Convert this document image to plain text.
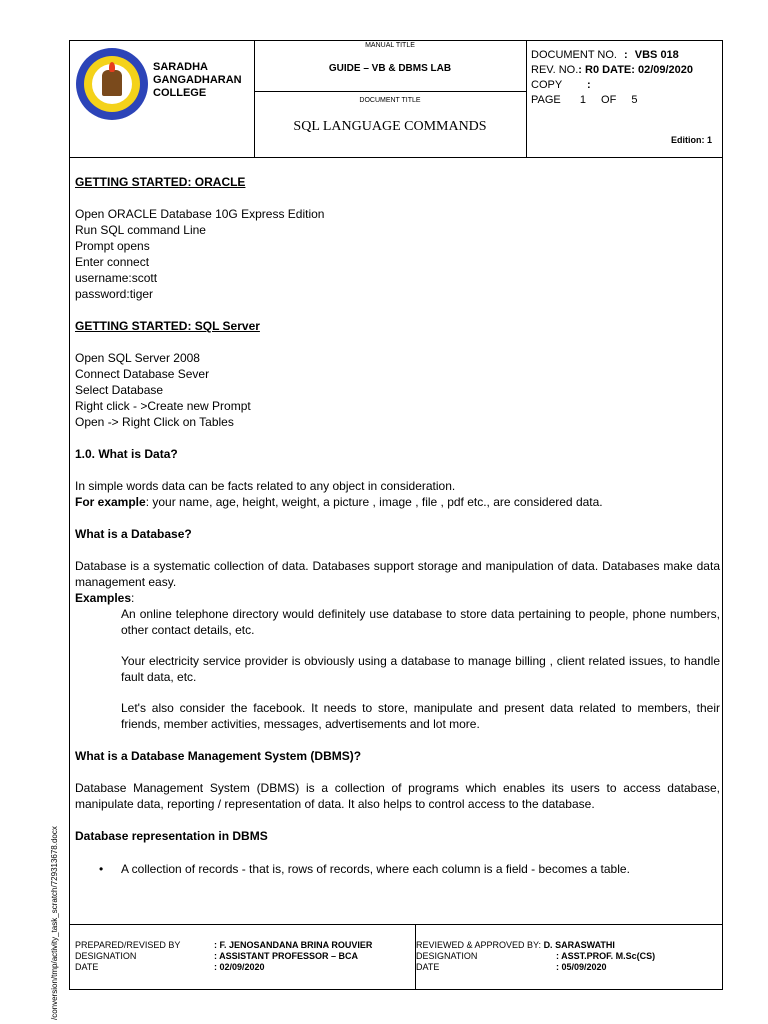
SARADHA
GANGADHARAN
COLLEGE
MANUAL TITLE
GUIDE – VB & DBMS LAB
DOCUMENT TITLE
SQL LANGUAGE COMMANDS
DOCUMENT NO. : VBS 018
REV. NO.: R0 DATE: 02/09/2020
COPY :
PAGE 1 OF 5
Edition: 1

GETTING STARTED: ORACLE

Open ORACLE Database 10G Express Edition

Run SQL command Line

Prompt opens

Enter connect

username:scott

password:tiger

GETTING STARTED: SQL Server

Open SQL Server 2008

Connect Database Sever

Select Database

Right click - >Create new Prompt

Open -> Right Click on Tables

1.0. What is Data?

In simple words data can be facts related to any object in consideration.

For example: your name, age, height, weight, a picture , image , file , pdf etc., are considered data.

What is a Database?

Database is a systematic collection of data. Databases support storage and manipulation of data. Databases make data management easy.

Examples:

An online telephone directory would definitely use database to store data pertaining to people, phone numbers, other contact details, etc.

Your electricity service provider is obviously using a database to manage billing , client related issues, to handle fault data, etc.

Let's also consider the facebook. It needs to store, manipulate and present data related to members, their friends, member activities, messages, advertisements and lot more.

What is a Database Management System (DBMS)?

Database Management System (DBMS) is a collection of programs which enables its users to access database, manipulate data, reporting / representation of data. It also helps to control access to the database.

Database representation in DBMS

• A collection of records - that is, rows of records, where each column is a field - becomes a table.

PREPARED/REVISED BY
DESIGNATION
DATE
: F. JENOSANDANA BRINA ROUVIER
: ASSISTANT PROFESSOR – BCA
: 02/09/2020
REVIEWED & APPROVED BY: D. SARASWATHI
DESIGNATION
DATE
: ASST.PROF. M.Sc(CS)
: 05/09/2020
/conversion/tmp/activity_task_scratch/729313678.docx
